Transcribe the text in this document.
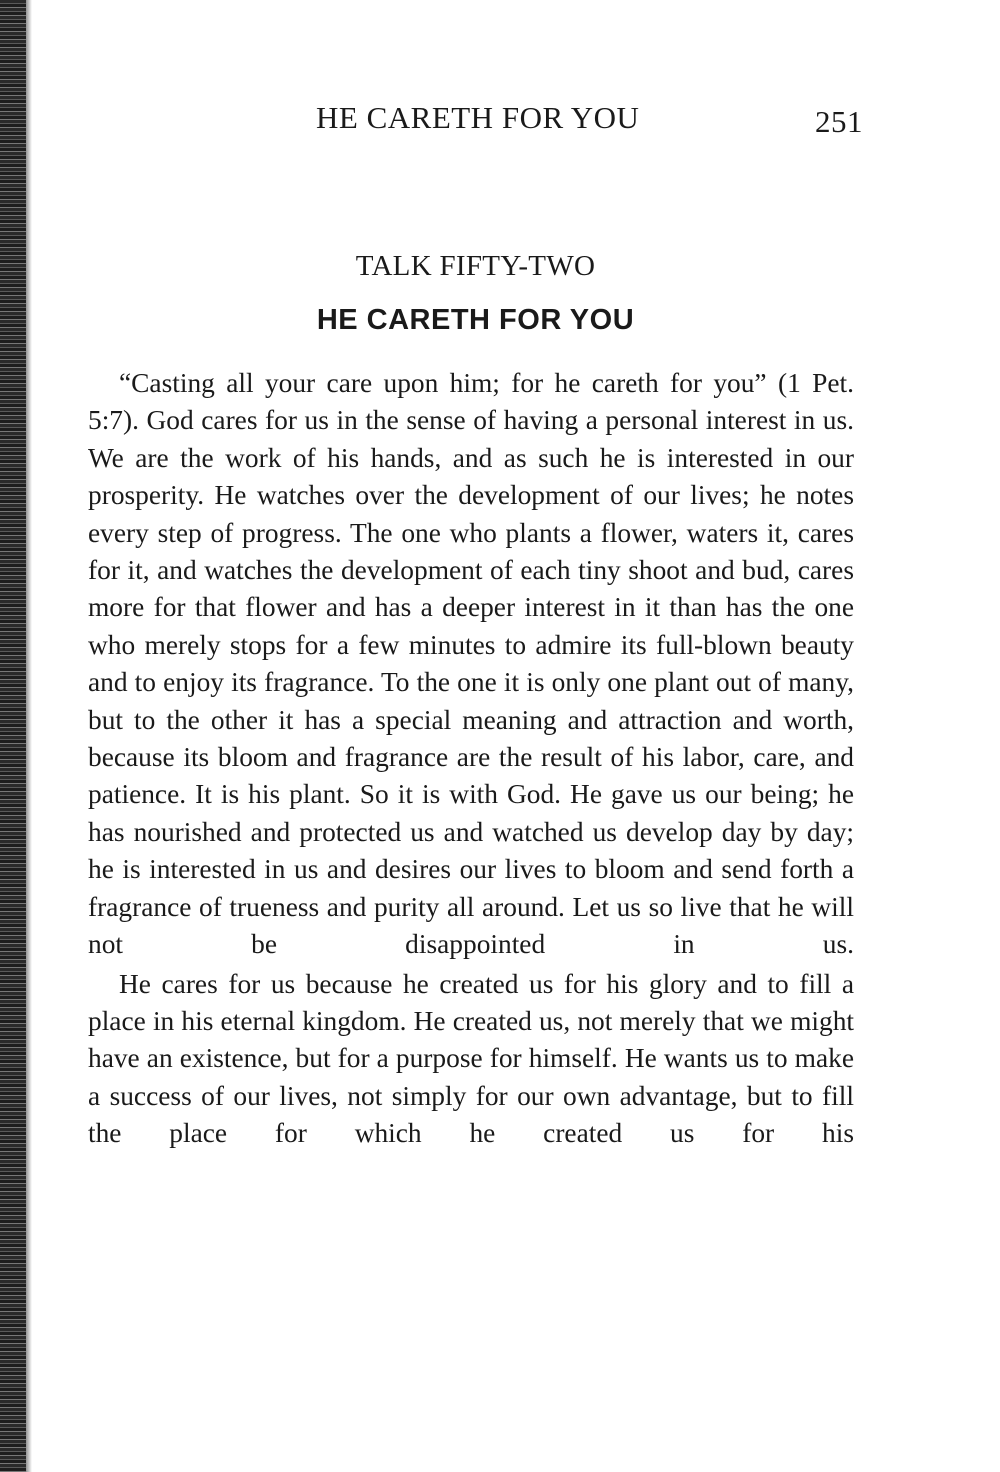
HE CARETH FOR YOU	251
TALK FIFTY-TWO
HE CARETH FOR YOU

“Casting all your care upon him; for he careth for you” (1 Pet. 5:7). God cares for us in the sense of having a personal interest in us. We are the work of his hands, and as such he is interested in our prosperity. He watches over the development of our lives; he notes every step of progress. The one who plants a flower, waters it, cares for it, and watches the development of each tiny shoot and bud, cares more for that flower and has a deeper interest in it than has the one who merely stops for a few minutes to admire its full-blown beauty and to enjoy its fragrance. To the one it is only one plant out of many, but to the other it has a special meaning and attraction and worth, because its bloom and fragrance are the result of his labor, care, and patience. It is his plant. So it is with God. He gave us our being; he has nourished and protected us and watched us develop day by day; he is interested in us and desires our lives to bloom and send forth a fragrance of trueness and purity all around. Let us so live that he will not be disappointed in us.

He cares for us because he created us for his glory and to fill a place in his eternal kingdom. He created us, not merely that we might have an existence, but for a purpose for himself. He wants us to make a success of our lives, not simply for our own advantage, but to fill the place for which he created us for his
